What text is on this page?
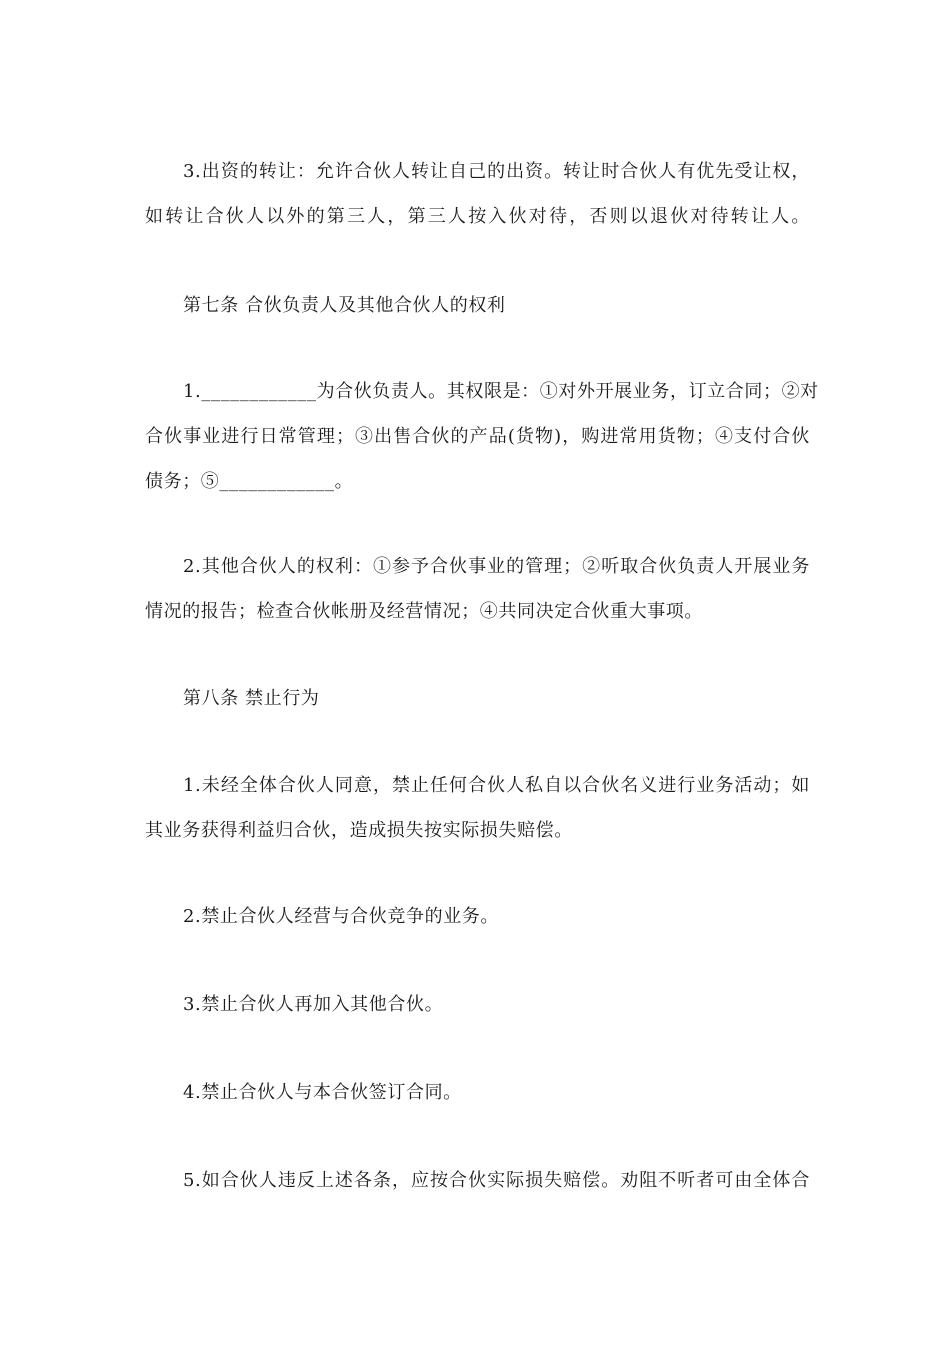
3.出资的转让：允许合伙人转让自己的出资。转让时合伙人有优先受让权，
如转让合伙人以外的第三人，第三人按入伙对待，否则以退伙对待转让人。
第七条 合伙负责人及其他合伙人的权利
1.____________为合伙负责人。其权限是：①对外开展业务，订立合同；②对
合伙事业进行日常管理；③出售合伙的产品(货物)，购进常用货物；④支付合伙
债务；⑤____________。
2.其他合伙人的权利：①参予合伙事业的管理；②听取合伙负责人开展业务
情况的报告；检查合伙帐册及经营情况；④共同决定合伙重大事项。
第八条 禁止行为
1.未经全体合伙人同意，禁止任何合伙人私自以合伙名义进行业务活动；如
其业务获得利益归合伙，造成损失按实际损失赔偿。
2.禁止合伙人经营与合伙竞争的业务。
3.禁止合伙人再加入其他合伙。
4.禁止合伙人与本合伙签订合同。
5.如合伙人违反上述各条，应按合伙实际损失赔偿。劝阻不听者可由全体合
